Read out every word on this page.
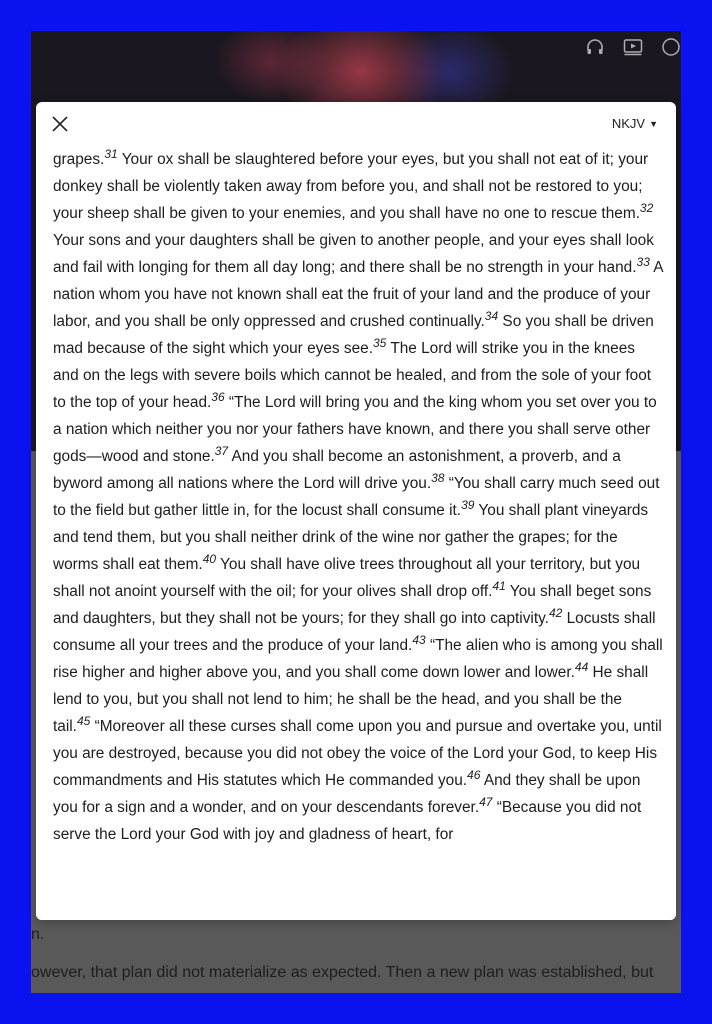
n.
owever, that plan did not materialize as expected. Then a new plan was established, but
NKJV ▼
grapes.$^{31}$ Your ox shall be slaughtered before your eyes, but you shall not eat of it; your donkey shall be violently taken away from before you, and shall not be restored to you; your sheep shall be given to your enemies, and you shall have no one to rescue them.$^{32}$ Your sons and your daughters shall be given to another people, and your eyes shall look and fail with longing for them all day long; and there shall be no strength in your hand.$^{33}$ A nation whom you have not known shall eat the fruit of your land and the produce of your labor, and you shall be only oppressed and crushed continually.$^{34}$ So you shall be driven mad because of the sight which your eyes see.$^{35}$ The Lord will strike you in the knees and on the legs with severe boils which cannot be healed, and from the sole of your foot to the top of your head.$^{36}$ “The Lord will bring you and the king whom you set over you to a nation which neither you nor your fathers have known, and there you shall serve other gods—wood and stone.$^{37}$ And you shall become an astonishment, a proverb, and a byword among all nations where the Lord will drive you.$^{38}$ “You shall carry much seed out to the field but gather little in, for the locust shall consume it.$^{39}$ You shall plant vineyards and tend them, but you shall neither drink of the wine nor gather the grapes; for the worms shall eat them.$^{40}$ You shall have olive trees throughout all your territory, but you shall not anoint yourself with the oil; for your olives shall drop off.$^{41}$ You shall beget sons and daughters, but they shall not be yours; for they shall go into captivity.$^{42}$ Locusts shall consume all your trees and the produce of your land.$^{43}$ “The alien who is among you shall rise higher and higher above you, and you shall come down lower and lower.$^{44}$ He shall lend to you, but you shall not lend to him; he shall be the head, and you shall be the tail.$^{45}$ “Moreover all these curses shall come upon you and pursue and overtake you, until you are destroyed, because you did not obey the voice of the Lord your God, to keep His commandments and His statutes which He commanded you.$^{46}$ And they shall be upon you for a sign and a wonder, and on your descendants forever.$^{47}$ “Because you did not serve the Lord your God with joy and gladness of heart, for
